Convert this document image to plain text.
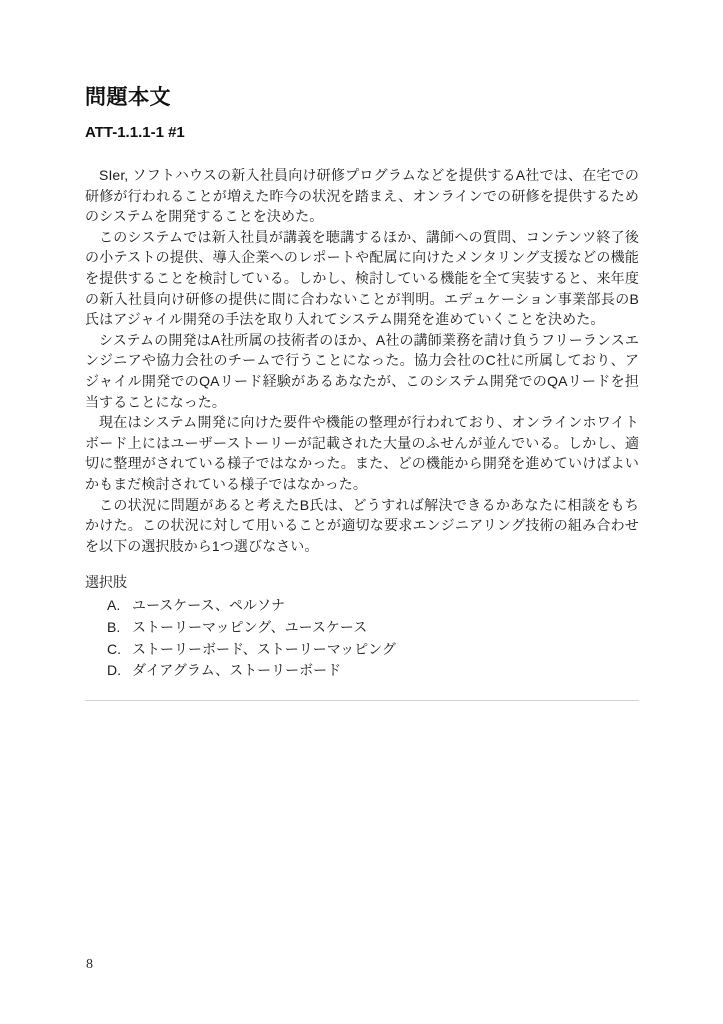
問題本文
ATT-1.1.1-1 #1

SIer, ソフトハウスの新入社員向け研修プログラムなどを提供するA社では、在宅での研修が行われることが増えた昨今の状況を踏まえ、オンラインでの研修を提供するためのシステムを開発することを決めた。

このシステムでは新入社員が講義を聴講するほか、講師への質問、コンテンツ終了後の小テストの提供、導入企業へのレポートや配属に向けたメンタリング支援などの機能を提供することを検討している。しかし、検討している機能を全て実装すると、来年度の新入社員向け研修の提供に間に合わないことが判明。エデュケーション事業部長のB氏はアジャイル開発の手法を取り入れてシステム開発を進めていくことを決めた。

システムの開発はA社所属の技術者のほか、A社の講師業務を請け負うフリーランスエンジニアや協力会社のチームで行うことになった。協力会社のC社に所属しており、アジャイル開発でのQAリード経験があるあなたが、このシステム開発でのQAリードを担当することになった。

現在はシステム開発に向けた要件や機能の整理が行われており、オンラインホワイトボード上にはユーザーストーリーが記載された大量のふせんが並んでいる。しかし、適切に整理がされている様子ではなかった。また、どの機能から開発を進めていけばよいかもまだ検討されている様子ではなかった。

この状況に問題があると考えたB氏は、どうすれば解決できるかあなたに相談をもちかけた。この状況に対して用いることが適切な要求エンジニアリング技術の組み合わせを以下の選択肢から1つ選びなさい。

選択肢
A. ユースケース、ペルソナ
B. ストーリーマッピング、ユースケース
C. ストーリーボード、ストーリーマッピング
D. ダイアグラム、ストーリーボード
8
